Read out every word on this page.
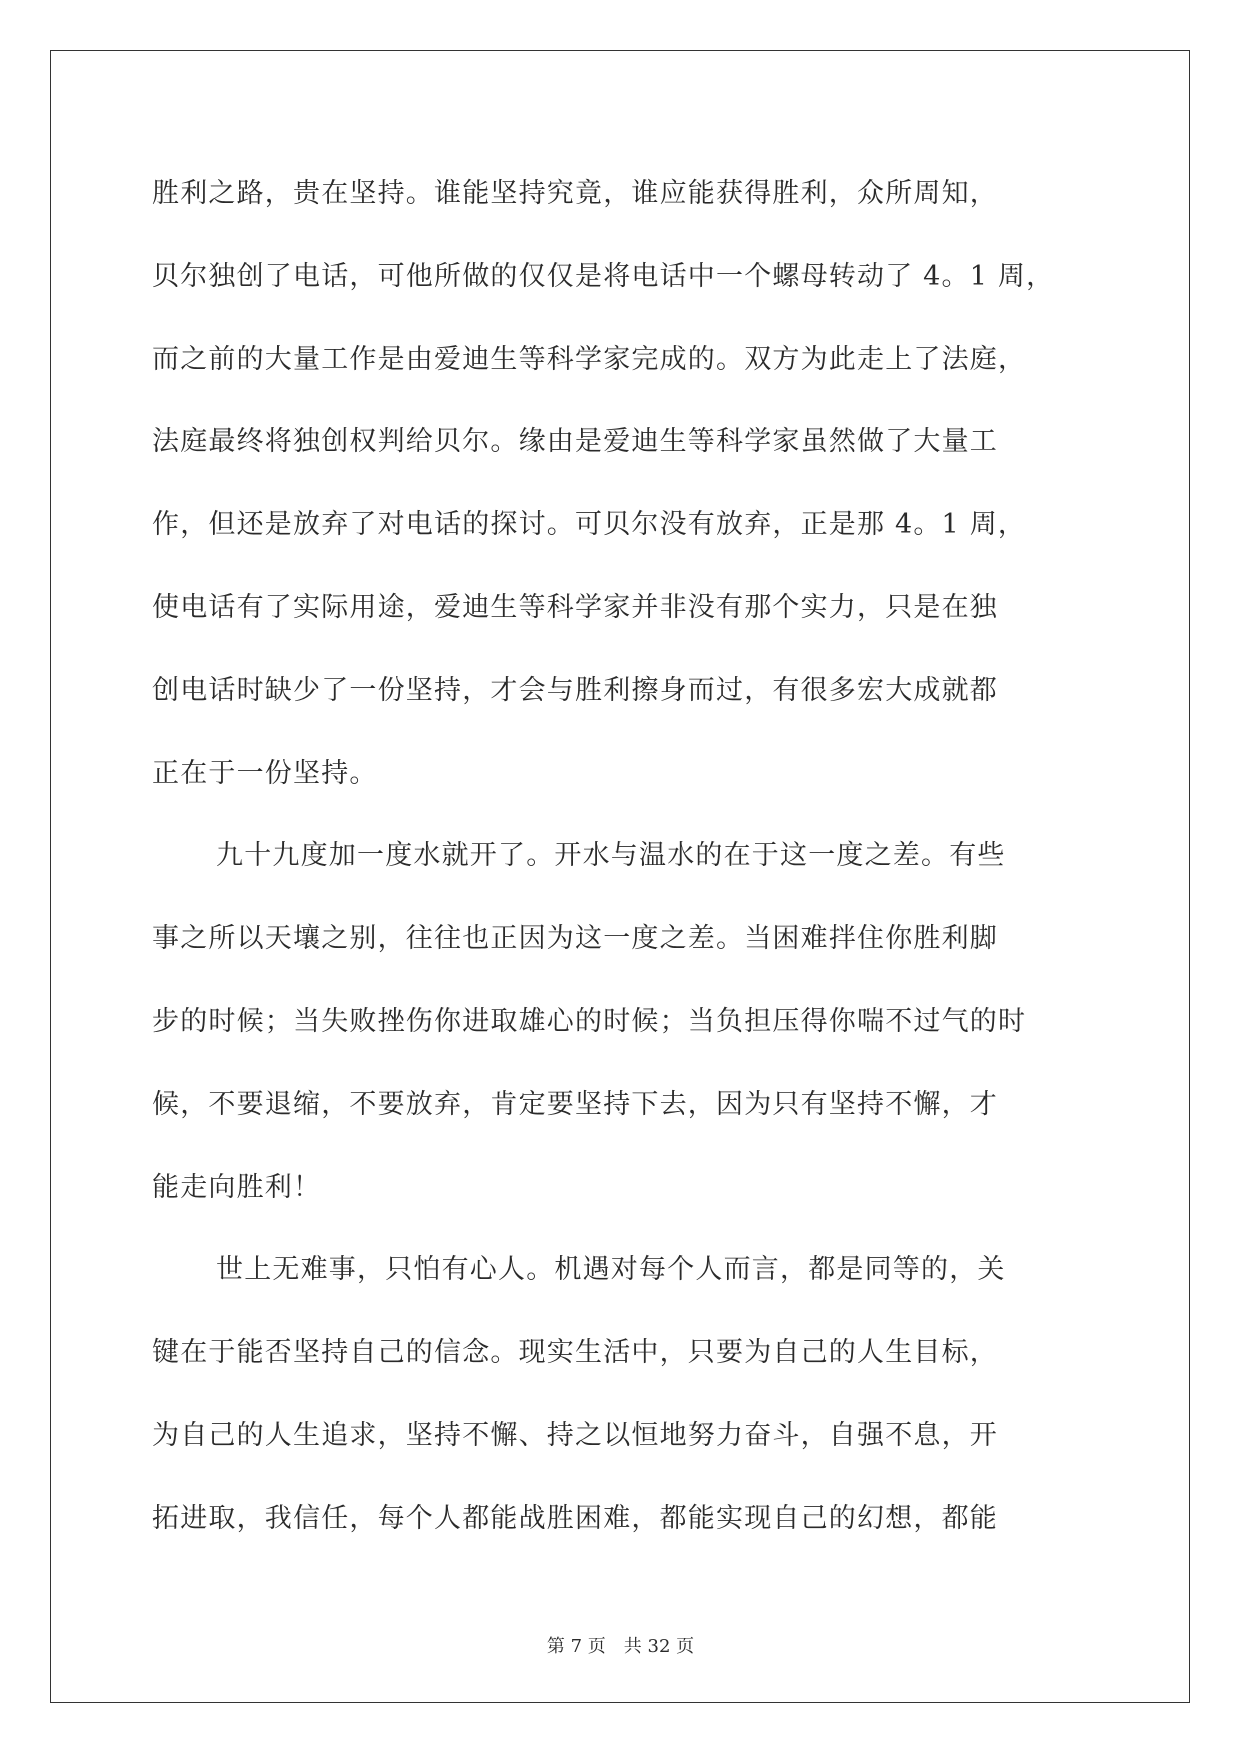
胜利之路，贵在坚持。谁能坚持究竟，谁应能获得胜利，众所周知，
贝尔独创了电话，可他所做的仅仅是将电话中一个螺母转动了 4。1 周，
而之前的大量工作是由爱迪生等科学家完成的。双方为此走上了法庭，
法庭最终将独创权判给贝尔。缘由是爱迪生等科学家虽然做了大量工
作，但还是放弃了对电话的探讨。可贝尔没有放弃，正是那 4。1 周，
使电话有了实际用途，爱迪生等科学家并非没有那个实力，只是在独
创电话时缺少了一份坚持，才会与胜利擦身而过，有很多宏大成就都
正在于一份坚持。
九十九度加一度水就开了。开水与温水的在于这一度之差。有些
事之所以天壤之别，往往也正因为这一度之差。当困难拌住你胜利脚
步的时候；当失败挫伤你进取雄心的时候；当负担压得你喘不过气的时
候，不要退缩，不要放弃，肯定要坚持下去，因为只有坚持不懈，才
能走向胜利！
世上无难事，只怕有心人。机遇对每个人而言，都是同等的，关
键在于能否坚持自己的信念。现实生活中，只要为自己的人生目标，
为自己的人生追求，坚持不懈、持之以恒地努力奋斗，自强不息，开
拓进取，我信任，每个人都能战胜困难，都能实现自己的幻想，都能
第 7 页　共 32 页
